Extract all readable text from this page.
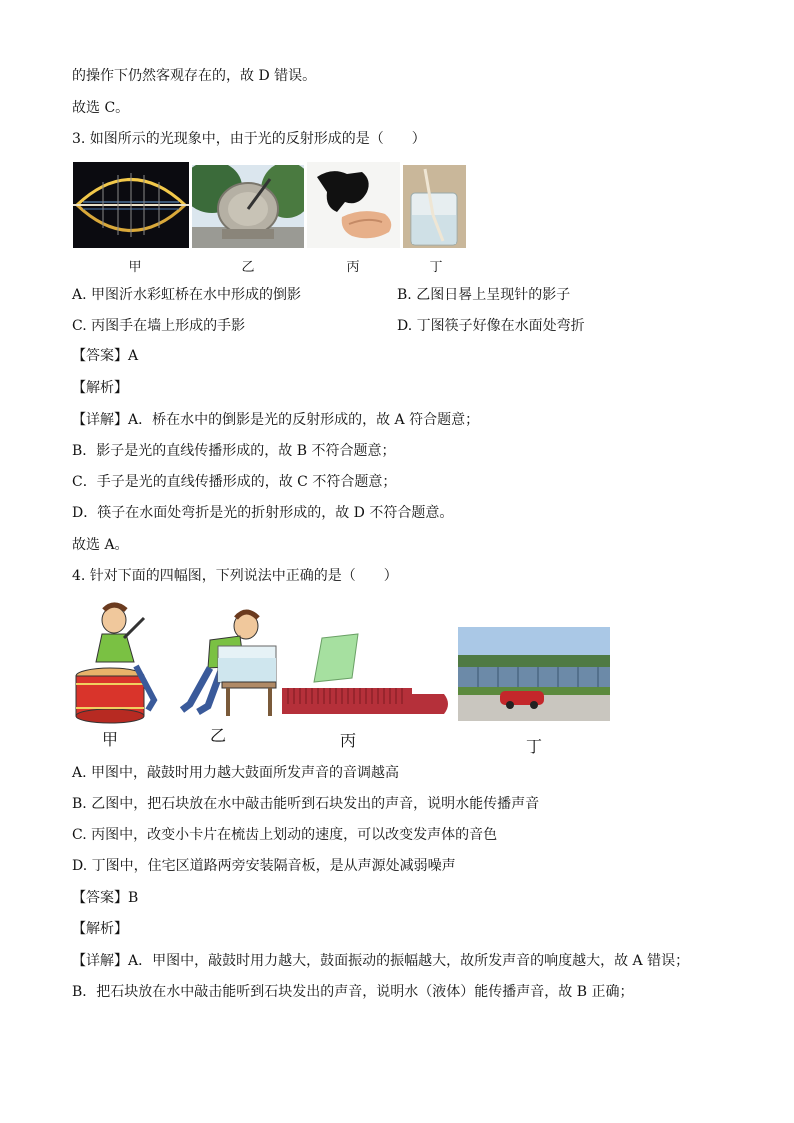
的操作下仍然客观存在的，故 D 错误。
故选 C。
3. 如图所示的光现象中，由于光的反射形成的是（　　）
甲	乙	丙	丁
A. 甲图沂水彩虹桥在水中形成的倒影	B. 乙图日晷上呈现针的影子
C. 丙图手在墙上形成的手影	D. 丁图筷子好像在水面处弯折
【答案】A
【解析】
【详解】A．桥在水中的倒影是光的反射形成的，故 A 符合题意；
B．影子是光的直线传播形成的，故 B 不符合题意；
C．手子是光的直线传播形成的，故 C 不符合题意；
D．筷子在水面处弯折是光的折射形成的，故 D 不符合题意。
故选 A。
4. 针对下面的四幅图，下列说法中正确的是（　　）
甲	乙	丙	丁
A. 甲图中，敲鼓时用力越大鼓面所发声音的音调越高
B. 乙图中，把石块放在水中敲击能听到石块发出的声音，说明水能传播声音
C. 丙图中，改变小卡片在梳齿上划动的速度，可以改变发声体的音色
D. 丁图中，住宅区道路两旁安装隔音板，是从声源处减弱噪声
【答案】B
【解析】
【详解】A．甲图中，敲鼓时用力越大，鼓面振动的振幅越大，故所发声音的响度越大，故 A 错误；
B．把石块放在水中敲击能听到石块发出的声音，说明水（液体）能传播声音，故 B 正确；
